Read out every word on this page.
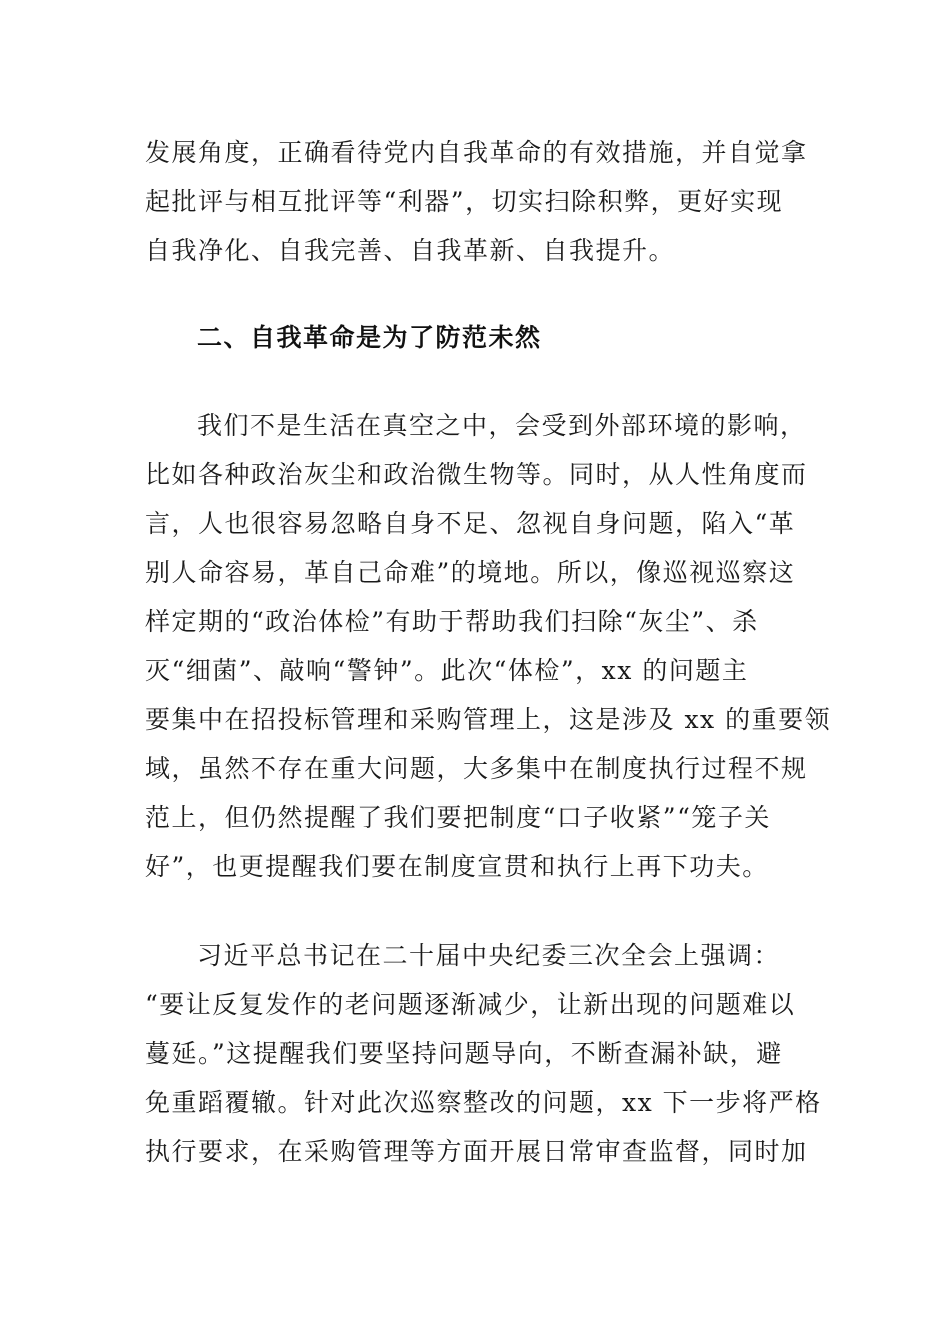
发展角度，正确看待党内自我革命的有效措施，并自觉拿
起批评与相互批评等“利器”，切实扫除积弊，更好实现
自我净化、自我完善、自我革新、自我提升。
二、自我革命是为了防范未然
我们不是生活在真空之中，会受到外部环境的影响，
比如各种政治灰尘和政治微生物等。同时，从人性角度而
言，人也很容易忽略自身不足、忽视自身问题，陷入“革
别人命容易，革自己命难”的境地。所以，像巡视巡察这
样定期的“政治体检”有助于帮助我们扫除“灰尘”、杀
灭“细菌”、敲响“警钟”。此次“体检”，xx 的问题主
要集中在招投标管理和采购管理上，这是涉及 xx 的重要领
域，虽然不存在重大问题，大多集中在制度执行过程不规
范上，但仍然提醒了我们要把制度“口子收紧”“笼子关
好”，也更提醒我们要在制度宣贯和执行上再下功夫。
习近平总书记在二十届中央纪委三次全会上强调：
“要让反复发作的老问题逐渐减少，让新出现的问题难以
蔓延。”这提醒我们要坚持问题导向，不断查漏补缺，避
免重蹈覆辙。针对此次巡察整改的问题，xx 下一步将严格
执行要求，在采购管理等方面开展日常审查监督，同时加
